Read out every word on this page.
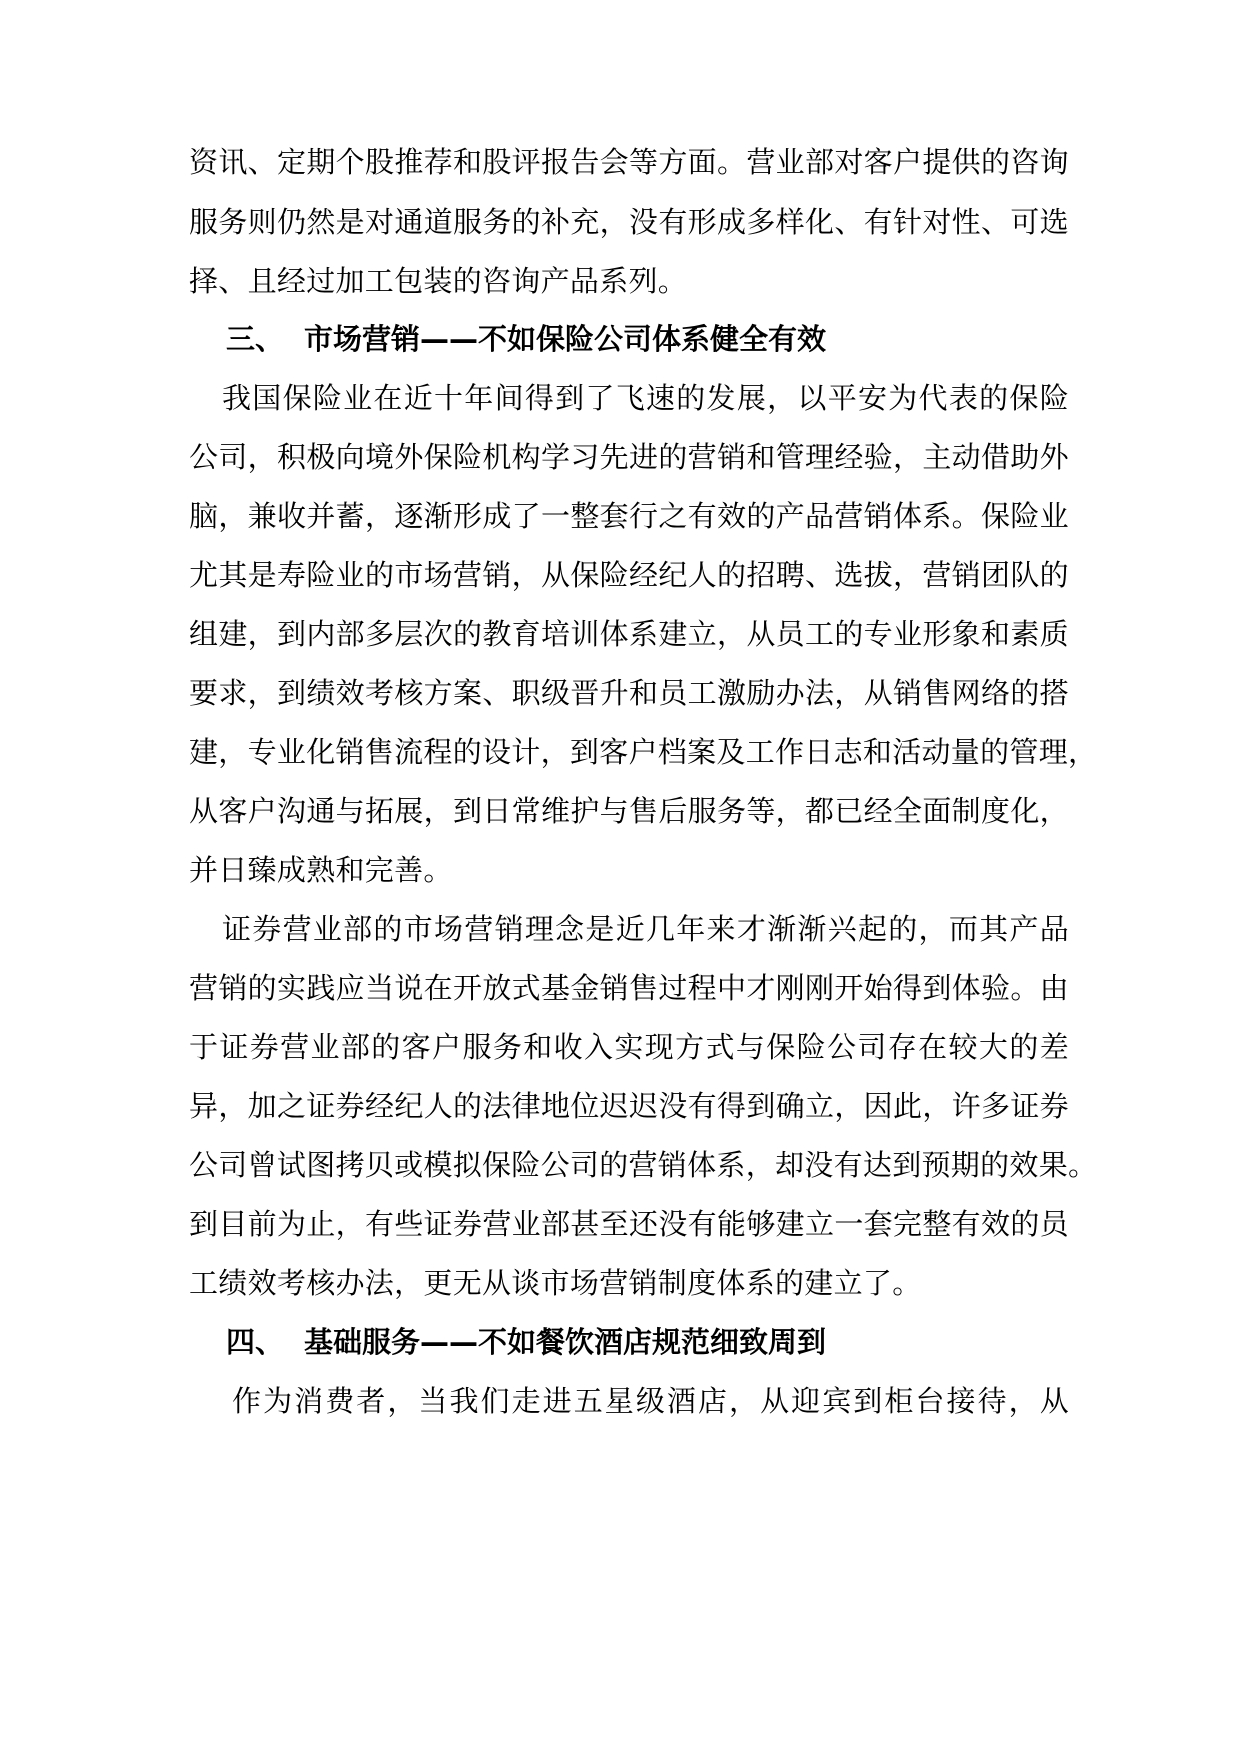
资讯、定期个股推荐和股评报告会等方面。营业部对客户提供的咨询
服务则仍然是对通道服务的补充，没有形成多样化、有针对性、可选
择、且经过加工包装的咨询产品系列。
三、 市场营销——不如保险公司体系健全有效
我国保险业在近十年间得到了飞速的发展，以平安为代表的保险
公司，积极向境外保险机构学习先进的营销和管理经验，主动借助外
脑，兼收并蓄，逐渐形成了一整套行之有效的产品营销体系。保险业
尤其是寿险业的市场营销，从保险经纪人的招聘、选拔，营销团队的
组建，到内部多层次的教育培训体系建立，从员工的专业形象和素质
要求，到绩效考核方案、职级晋升和员工激励办法，从销售网络的搭
建，专业化销售流程的设计，到客户档案及工作日志和活动量的管理，
从客户沟通与拓展，到日常维护与售后服务等，都已经全面制度化，
并日臻成熟和完善。
证券营业部的市场营销理念是近几年来才渐渐兴起的，而其产品
营销的实践应当说在开放式基金销售过程中才刚刚开始得到体验。由
于证券营业部的客户服务和收入实现方式与保险公司存在较大的差
异，加之证券经纪人的法律地位迟迟没有得到确立，因此，许多证券
公司曾试图拷贝或模拟保险公司的营销体系，却没有达到预期的效果。
到目前为止，有些证券营业部甚至还没有能够建立一套完整有效的员
工绩效考核办法，更无从谈市场营销制度体系的建立了。
四、 基础服务——不如餐饮酒店规范细致周到
作为消费者，当我们走进五星级酒店，从迎宾到柜台接待，从
